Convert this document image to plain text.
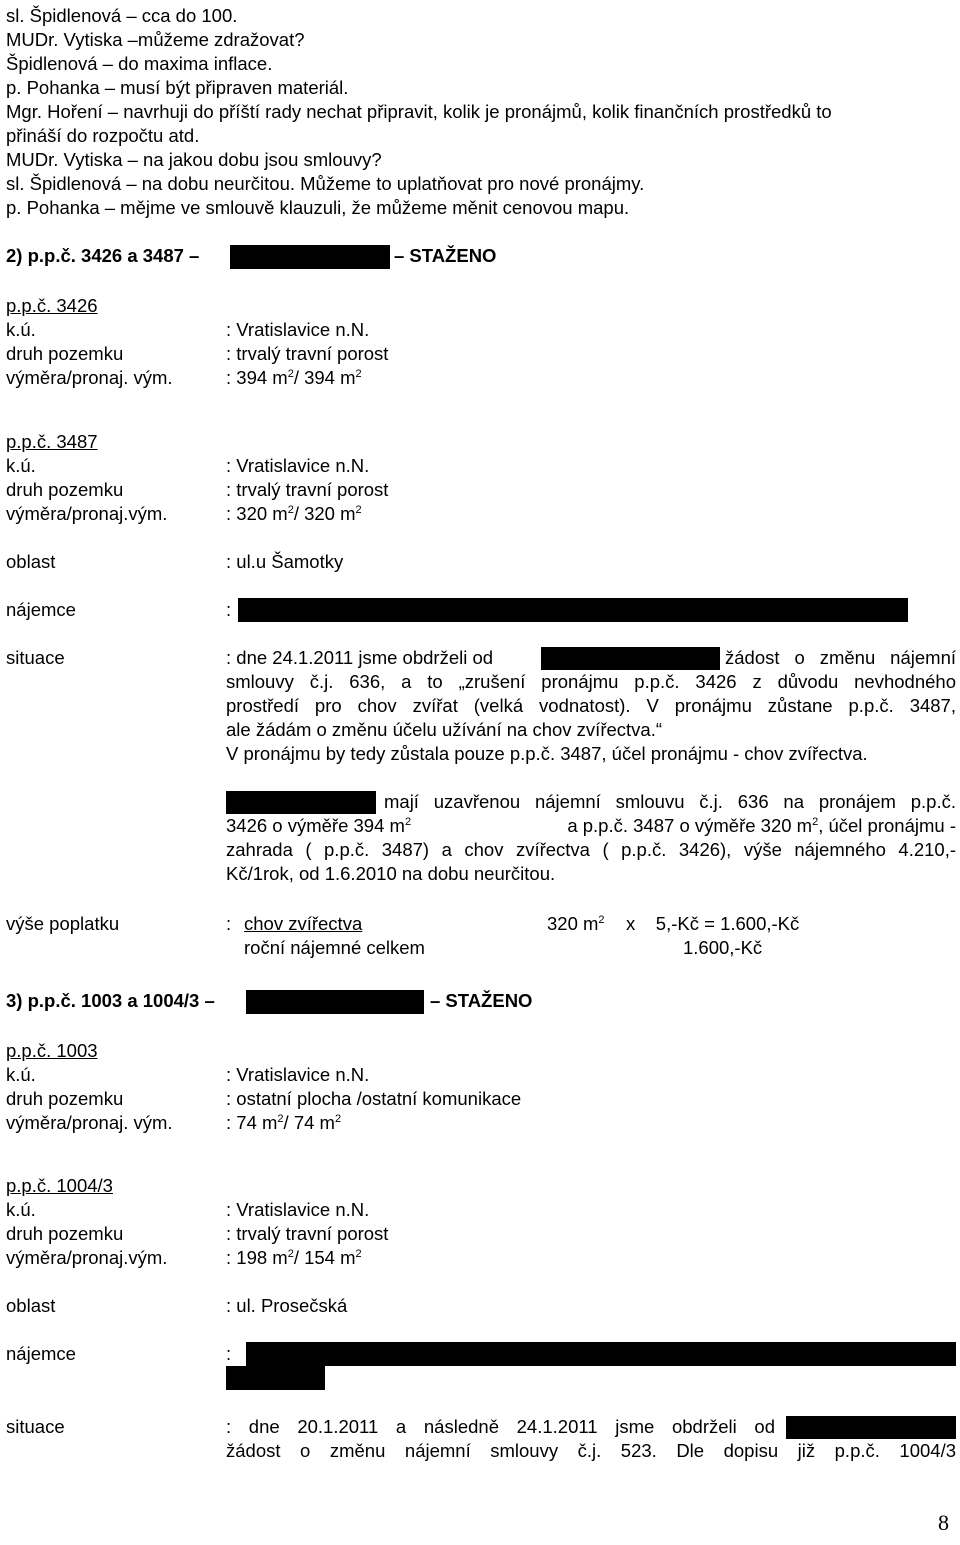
sl. Špidlenová – cca do 100.
MUDr. Vytiska –můžeme zdražovat?
Špidlenová – do maxima inflace.
p. Pohanka – musí být připraven materiál.
Mgr. Hoření – navrhuji do příští rady nechat připravit, kolik je pronájmů, kolik finančních prostředků to
přináší do rozpočtu atd.
MUDr. Vytiska – na jakou dobu jsou smlouvy?
sl. Špidlenová – na dobu neurčitou. Můžeme to uplatňovat pro nové pronájmy.
p. Pohanka – mějme ve smlouvě klauzuli, že můžeme měnit cenovou mapu.
2) p.p.č. 3426 a 3487 –	– STAŽENO
p.p.č. 3426
k.ú.	: Vratislavice n.N.
druh pozemku	: trvalý travní porost
výměra/pronaj. vým.	: 394 $m^2/$ 394 $m^2$
p.p.č. 3487
k.ú.	: Vratislavice n.N.
druh pozemku	: trvalý travní porost
výměra/pronaj.vým.	: 320 $m^2/$ 320 $m^2$
oblast	: ul.u Šamotky
nájemce	:
situace	: dne 24.1.2011 jsme obdrželi od	žádost o změnu nájemní
smlouvy č.j. 636, a to „zrušení pronájmu p.p.č. 3426 z důvodu nevhodného
prostředí pro chov zvířat (velká vodnatost). V pronájmu zůstane p.p.č. 3487,
ale žádám o změnu účelu užívání na chov zvířectva.“
V pronájmu by tedy zůstala pouze p.p.č. 3487, účel pronájmu - chov zvířectva.
mají uzavřenou nájemní smlouvu č.j. 636 na pronájem p.p.č.
3426 o výměře 394 $m^2$	a p.p.č. 3487 o výměře 320 $m^2$, účel pronájmu -
zahrada ( p.p.č. 3487) a chov zvířectva ( p.p.č. 3426), výše nájemného 4.210,-
Kč/1rok, od 1.6.2010 na dobu neurčitou.
výše poplatku	: chov zvířectva	320 $m^2$ x    5,-Kč = 1.600,-Kč
roční nájemné celkem	1.600,-Kč
3) p.p.č. 1003 a 1004/3 –	– STAŽENO
p.p.č. 1003
k.ú.	: Vratislavice n.N.
druh pozemku	: ostatní plocha /ostatní komunikace
výměra/pronaj. vým.	: 74 $m^2/$ 74 $m^2$
p.p.č. 1004/3
k.ú.	: Vratislavice n.N.
druh pozemku	: trvalý travní porost
výměra/pronaj.vým.	: 198 $m^2/$ 154 $m^2$
oblast	: ul. Prosečská
nájemce	:
situace	: dne 20.1.2011 a následně 24.1.2011 jsme obdrželi od
žádost o změnu nájemní smlouvy č.j. 523. Dle dopisu již p.p.č. 1004/3
8
